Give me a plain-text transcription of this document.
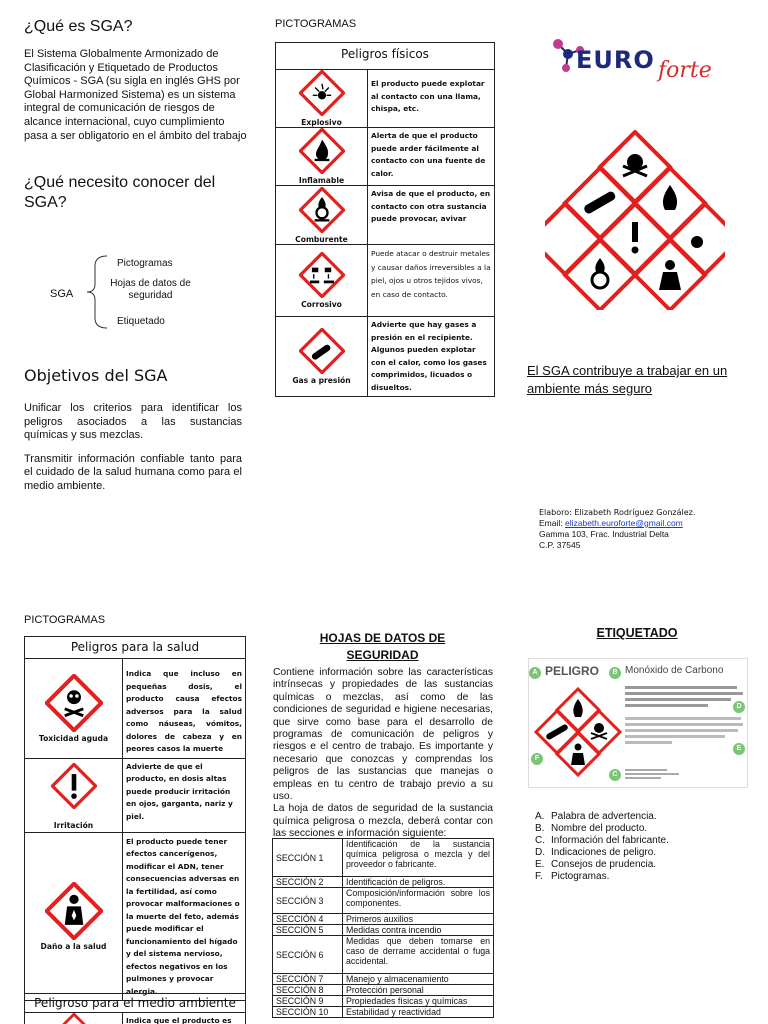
¿Qué es SGA?
El Sistema Globalmente Armonizado de Clasificación y Etiquetado de Productos Químicos - SGA (su sigla en inglés GHS por Global Harmonized Sistema) es un sistema integral de comunicación de riesgos de alcance internacional, cuyo cumplimiento pasa a ser obligatorio en el ámbito del trabajo
¿Qué necesito conocer del SGA?
SGA
Pictogramas
Hojas de datos de seguridad
Etiquetado
Objetivos del SGA
Unificar los criterios para identificar los peligros asociados a las sustancias químicas y sus mezclas.
Transmitir información confiable tanto para el cuidado de la salud humana como para el medio ambiente.
PICTOGRAMAS
Peligros físicos	

Explosivo	El producto puede explotar al contacto con una llama, chispa, etc.

Inflamable	Alerta de que el producto puede arder fácilmente al contacto con una fuente de calor.

Comburente	Avisa de que el producto, en contacto con otra sustancia puede provocar, avivar

Corrosivo	Puede atacar o destruir metales y causar daños irreversibles a la piel, ojos u otros tejidos vivos, en caso de contacto.

Gas a presión	Advierte que hay gases a presión en el recipiente. Algunos pueden explotar con el calor, como los gases comprimidos, licuados o disueltos.
EURO forte
El SGA contribuye a trabajar en un ambiente más seguro
Elaboro: Elizabeth Rodríguez González.
Email: elizabeth.euroforte@gmail.com
Gamma 103, Frac. Industrial Delta
C.P. 37545
PICTOGRAMAS
Peligros para la salud	

Toxicidad aguda	Indica que incluso en pequeñas dosis, el producto causa efectos adversos para la salud como náuseas, vómitos, dolores de cabeza y en peores casos la muerte

Irritación	Advierte de que el producto, en dosis altas puede producir irritación en ojos, garganta, nariz y piel.

Daño a la salud	El producto puede tener efectos cancerígenos, modificar el ADN, tener consecuencias adversas en la fertilidad, así como provocar malformaciones o la muerte del feto, además puede modificar el funcionamiento del hígado y del sistema nervioso, efectos negativos en los pulmones y provocar alergia.
Peligroso para el medio ambiente
	Indica que el producto es
HOJAS DE DATOS DE
SEGURIDAD
Contiene información sobre las características intrínsecas y propiedades de las sustancias químicas o mezclas, así como de las condiciones de seguridad e higiene necesarias, que sirve como base para el desarrollo de programas de comunicación de peligros y riesgos e el centro de trabajo. Es importante y necesario que conozcas y comprendas los peligros de las sustancias que manejas o empleas en tu centro de trabajo previo a su uso.
La hoja de datos de seguridad de la sustancia química peligrosa o mezcla, deberá contar con las secciones e información siguiente:
SECCIÓN 1	Identificación de la sustancia química peligrosa o mezcla y del proveedor o fabricante.
SECCIÓN 2	Identificación de peligros.
SECCIÓN 3	Composición/información sobre los componentes.
SECCIÓN 4	Primeros auxilios
SECCIÓN 5	Medidas contra incendio
SECCIÓN 6	Medidas que deben tomarse en caso de derrame accidental o fuga accidental.
SECCIÓN 7	Manejo y almacenamiento
SECCIÓN 8	Protección personal
SECCIÓN 9	Propiedades físicas y químicas
SECCIÓN 10	Estabilidad y reactividad
ETIQUETADO
A PELIGRO	B Monóxido de Carbono
F
D
E
C
A. Palabra de advertencia.
B. Nombre del producto.
C. Información del fabricante.
D. Indicaciones de peligro.
E. Consejos de prudencia.
F. Pictogramas.
